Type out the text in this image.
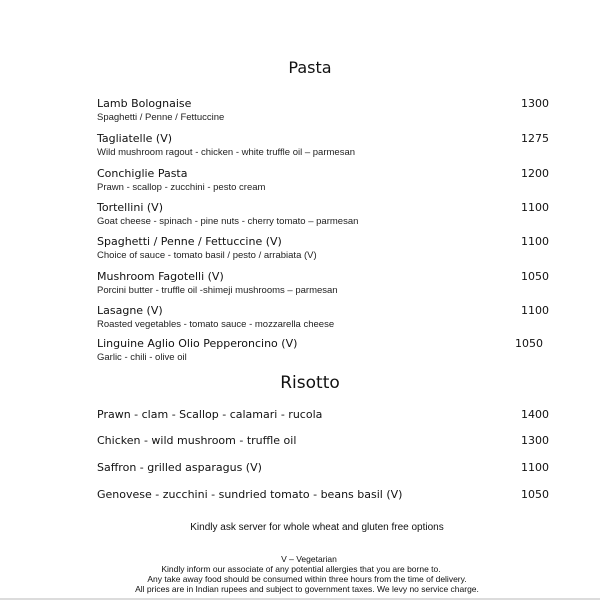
Pasta
Lamb Bolognaise
Spaghetti / Penne / Fettuccine
1300
Tagliatelle (V)
Wild mushroom ragout - chicken - white truffle oil – parmesan
1275
Conchiglie Pasta
Prawn - scallop - zucchini - pesto cream
1200
Tortellini (V)
Goat cheese - spinach - pine nuts - cherry tomato – parmesan
1100
Spaghetti / Penne / Fettuccine (V)
Choice of sauce - tomato basil / pesto / arrabiata (V)
1100
Mushroom Fagotelli (V)
Porcini butter - truffle oil -shimeji mushrooms – parmesan
1050
Lasagne (V)
Roasted vegetables - tomato sauce - mozzarella cheese
1100
Linguine Aglio Olio Pepperoncino (V)
Garlic - chili - olive oil
1050
Risotto
Prawn - clam - Scallop - calamari - rucola	1400
Chicken - wild mushroom - truffle oil	1300
Saffron - grilled asparagus (V)	1100
Genovese - zucchini - sundried tomato - beans basil (V)	1050
Kindly ask server for whole wheat and gluten free options
V – Vegetarian
Kindly inform our associate of any potential allergies that you are borne to.
Any take away food should be consumed within three hours from the time of delivery.
All prices are in Indian rupees and subject to government taxes. We levy no service charge.
